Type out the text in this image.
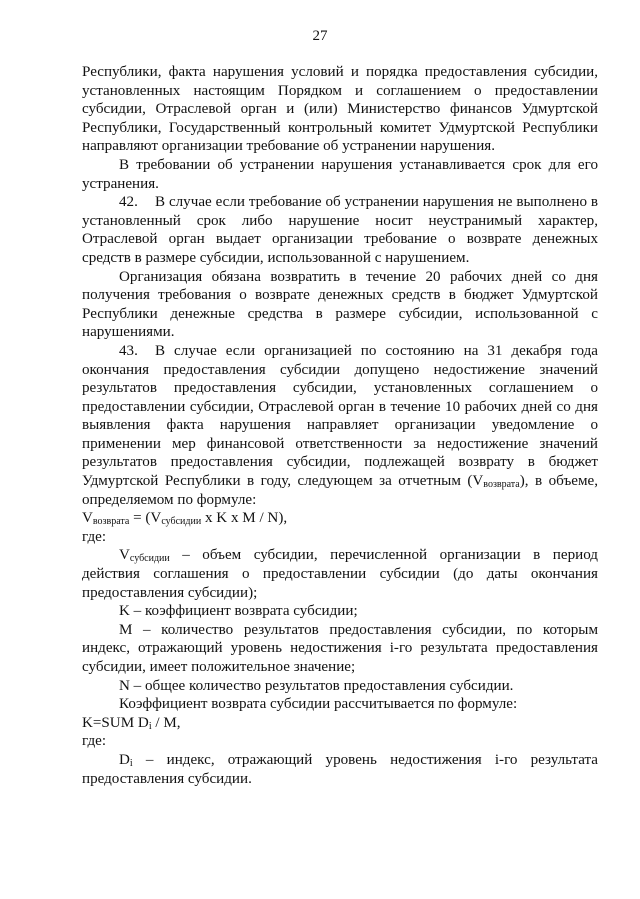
27

Республики, факта нарушения условий и порядка предоставления субсидии, установленных настоящим Порядком и соглашением о предоставлении субсидии, Отраслевой орган и (или) Министерство финансов Удмуртской Республики, Государственный контрольный комитет Удмуртской Республики направляют организации требование об устранении нарушения.

В требовании об устранении нарушения устанавливается срок для его устранения.

42. В случае если требование об устранении нарушения не выполнено в установленный срок либо нарушение носит неустранимый характер, Отраслевой орган выдает организации требование о возврате денежных средств в размере субсидии, использованной с нарушением.

Организация обязана возвратить в течение 20 рабочих дней со дня получения требования о возврате денежных средств в бюджет Удмуртской Республики денежные средства в размере субсидии, использованной с нарушениями.

43. В случае если организацией по состоянию на 31 декабря года окончания предоставления субсидии допущено недостижение значений результатов предоставления субсидии, установленных соглашением о предоставлении субсидии, Отраслевой орган в течение 10 рабочих дней со дня выявления факта нарушения направляет организации уведомление о применении мер финансовой ответственности за недостижение значений результатов предоставления субсидии, подлежащей возврату в бюджет Удмуртской Республики в году, следующем за отчетным $(V_{возврата})$, в объеме, определяемом по формуле:

$V_{возврата} = (V_{субсидии}$ x K x M / N),

где:

$V_{субсидии}$ – объем субсидии, перечисленной организации в период действия соглашения о предоставлении субсидии (до даты окончания предоставления субсидии);

K – коэффициент возврата субсидии;

M – количество результатов предоставления субсидии, по которым индекс, отражающий уровень недостижения i-го результата предоставления субсидии, имеет положительное значение;

N – общее количество результатов предоставления субсидии.

Коэффициент возврата субсидии рассчитывается по формуле:

K=SUM $D_i$ / M,

где:

$D_i$ – индекс, отражающий уровень недостижения i-го результата предоставления субсидии.
